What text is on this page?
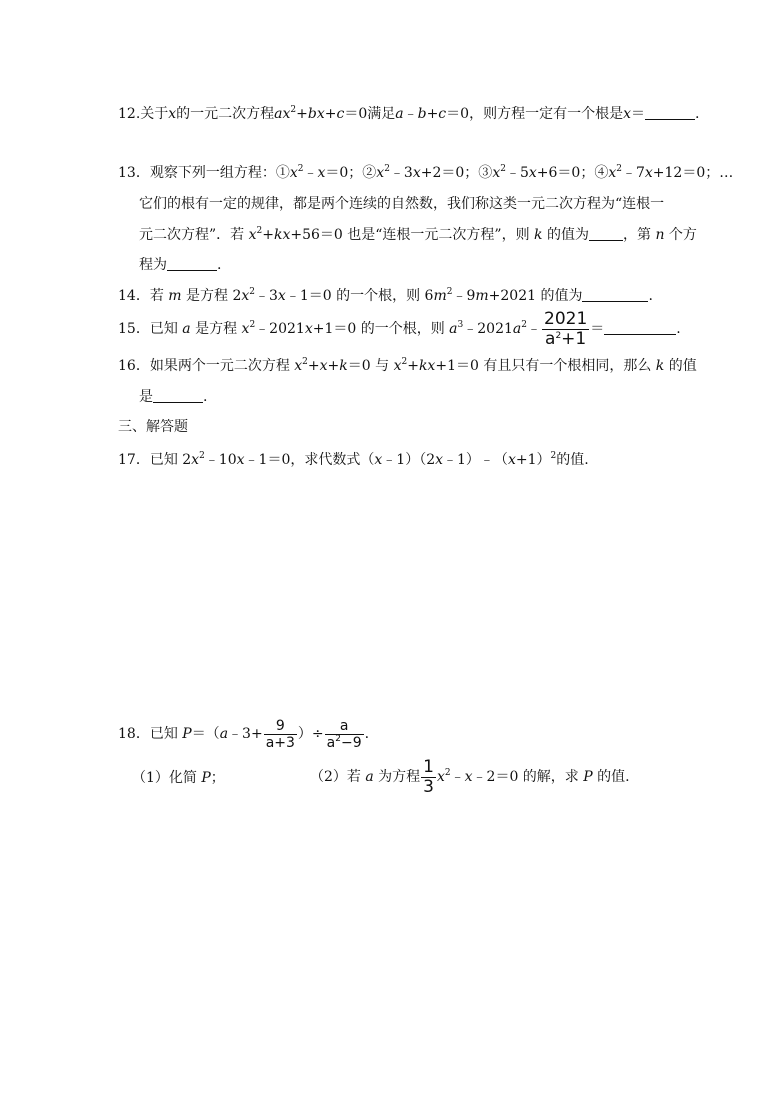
12.关于x的一元二次方程$ax^2+bx+c=0$满足a﹣b+c＝0，则方程一定有一个根是x＝	.
13．观察下列一组方程：$①x^2﹣x=0$；$②x^2﹣3x+2=0$；$③x^2﹣5x+6=0$；$④x^2﹣7x+12=0$；…
它们的根有一定的规律，都是两个连续的自然数，我们称这类一元二次方程为“连根一
元二次方程”．若 $x^2+kx+56=0$ 也是“连根一元二次方程”，则 k 的值为 ，第 n 个方
程为	.
14．若 m 是方程 $2x^2﹣3x﹣1=0$ 的一个根，则 $6m^2﹣9m+2021$ 的值为	.
15．已知 a 是方程 $x^2﹣2021x+1=0$ 的一个根，则 $a^3﹣2021a^2﹣ \frac{2021}{a^2+1}$ ＝	.
16．如果两个一元二次方程 $x^2+x+k=0$ 与 $x^2+kx+1=0$ 有且只有一个根相同，那么 k 的值
是	.
三、解答题
17．已知 $2x^2﹣10x﹣1=0$，求代数式$(x﹣1)(2x﹣1)﹣(x+1)^2$的值.
18．已知 P＝（a﹣3+ $\frac{9}{a+3}$ ）÷ $\frac{a}{a^2-9}$ .
（1）化简 P；	（2）若 a 为方程 $\frac{1}{3}$ $x^2﹣x﹣2=0$ 的解，求 P 的值.
